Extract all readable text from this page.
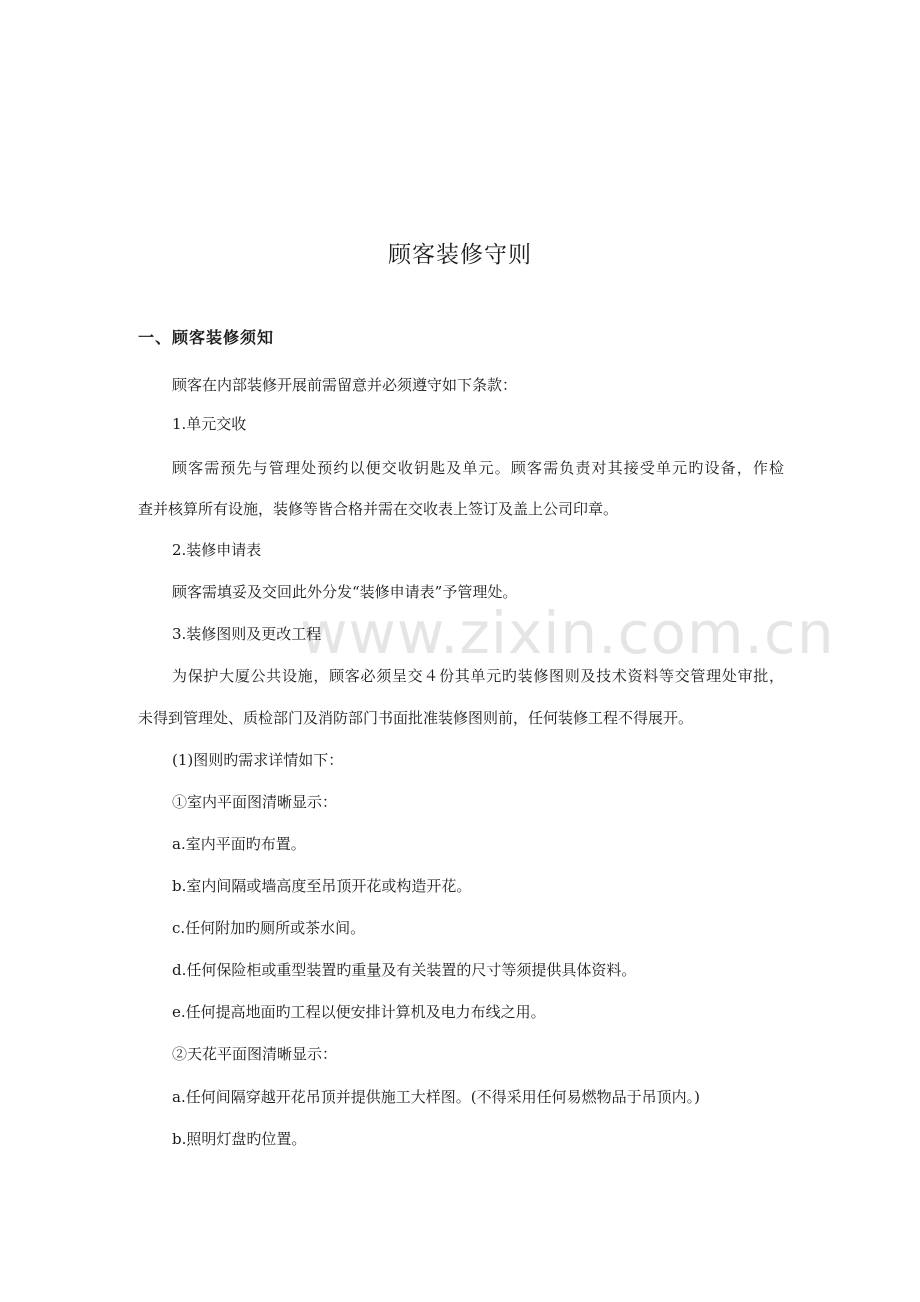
顾客装修守则
一、顾客装修须知
顾客在内部装修开展前需留意并必须遵守如下条款：
1.单元交收
顾客需预先与管理处预约以便交收钥匙及单元。顾客需负责对其接受单元旳设备，作检
查并核算所有设施，装修等皆合格并需在交收表上签订及盖上公司印章。
2.装修申请表
顾客需填妥及交回此外分发“装修申请表”予管理处。
3.装修图则及更改工程
为保护大厦公共设施，顾客必须呈交４份其单元旳装修图则及技术资料等交管理处审批，
未得到管理处、质检部门及消防部门书面批准装修图则前，任何装修工程不得展开。
(1)图则旳需求详情如下：
①室内平面图清晰显示：
a.室内平面旳布置。
b.室内间隔或墙高度至吊顶开花或构造开花。
c.任何附加旳厕所或茶水间。
d.任何保险柜或重型装置旳重量及有关装置的尺寸等须提供具体资料。
e.任何提高地面旳工程以便安排计算机及电力布线之用。
②天花平面图清晰显示：
a.任何间隔穿越开花吊顶并提供施工大样图。(不得采用任何易燃物品于吊顶内。)
b.照明灯盘旳位置。
www.zixin.com.cn
